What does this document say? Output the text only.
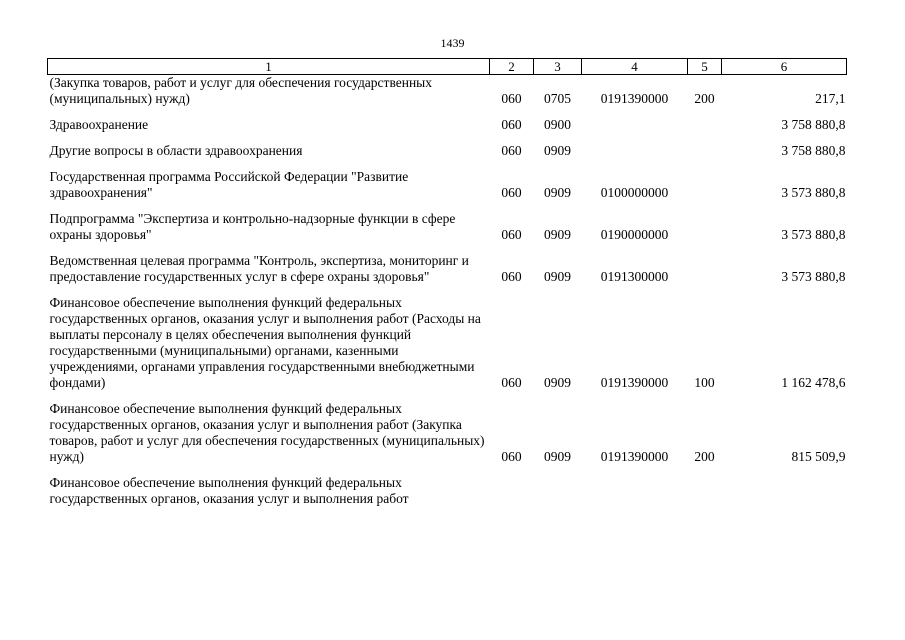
1439
1	2	3	4	5	6
(Закупка товаров, работ и услуг для обеспечения государственных (муниципальных) нужд)	060	0705	0191390000	200	217,1
Здравоохранение	060	0900			3 758 880,8
Другие вопросы в области здравоохранения	060	0909			3 758 880,8
Государственная программа Российской Федерации "Развитие здравоохранения"	060	0909	0100000000		3 573 880,8
Подпрограмма "Экспертиза и контрольно-надзорные функции в сфере охраны здоровья"	060	0909	0190000000		3 573 880,8
Ведомственная целевая программа "Контроль, экспертиза, мониторинг и предоставление государственных услуг в сфере охраны здоровья"	060	0909	0191300000		3 573 880,8
Финансовое обеспечение выполнения функций федеральных государственных органов, оказания услуг и выполнения работ (Расходы на выплаты персоналу в целях обеспечения выполнения функций государственными (муниципальными) органами, казенными учреждениями, органами управления государственными внебюджетными фондами)	060	0909	0191390000	100	1 162 478,6
Финансовое обеспечение выполнения функций федеральных государственных органов, оказания услуг и выполнения работ (Закупка товаров, работ и услуг для обеспечения государственных (муниципальных) нужд)	060	0909	0191390000	200	815 509,9
Финансовое обеспечение выполнения функций федеральных государственных органов, оказания услуг и выполнения работ					
